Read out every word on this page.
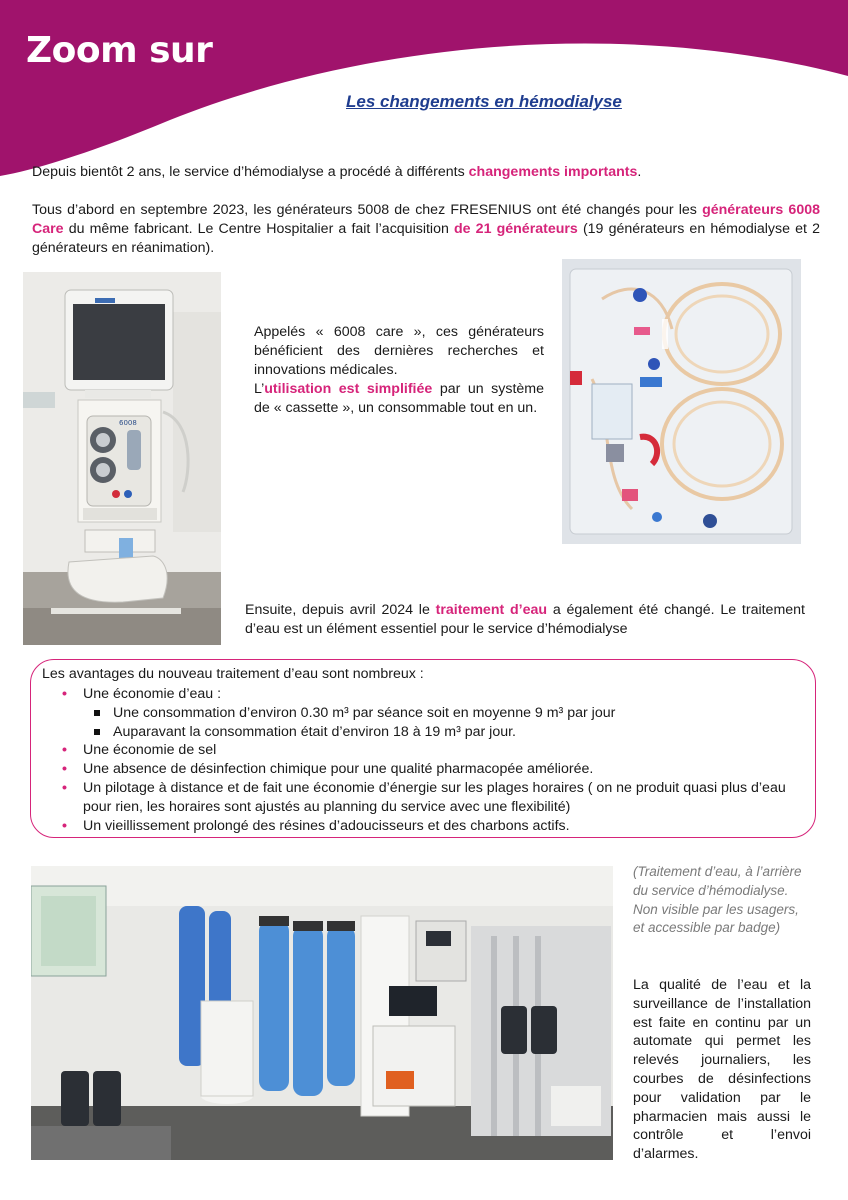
Zoom sur
Les changements en hémodialyse

Depuis bientôt 2 ans, le service d’hémodialyse a procédé à différents changements importants.

Tous d’abord en septembre 2023, les générateurs 5008 de chez FRESENIUS ont été changés pour les générateurs 6008 Care du même fabricant. Le Centre Hospitalier a fait l’acquisition de 21 générateurs (19 générateurs en hémodialyse et 2 générateurs en réanimation).

6008

Appelés « 6008 care », ces générateurs bénéficient des dernières recherches et innovations médicales.
L’utilisation est simplifiée par un système de « cassette », un consommable tout en un.

Ensuite, depuis avril 2024 le traitement d’eau a également été changé. Le traitement d’eau est un élément essentiel pour le service d’hémodialyse

Les avantages du nouveau traitement d’eau sont nombreux :

• Une économie d’eau :
Une consommation d’environ 0.30 m³ par séance soit en moyenne 9 m³ par jour
Auparavant la consommation était d’environ 18 à 19 m³ par jour.
• Une économie de sel
• Une absence de désinfection chimique pour une qualité pharmacopée améliorée.
• Un pilotage à distance et de fait une économie d’énergie sur les plages horaires ( on ne produit quasi plus d’eau pour rien, les horaires sont ajustés au planning du service avec une flexibilité)
• Un vieillissement prolongé des résines d’adoucisseurs et des charbons actifs.

(Traitement d’eau, à l’arrière du service d’hémodialyse. Non visible par les usagers, et accessible par badge)

La qualité de l’eau et la surveillance de l’installation est faite en continu par un automate qui permet les relevés journaliers, les courbes de désinfections pour validation par le pharmacien mais aussi le contrôle et l’envoi d’alarmes.
